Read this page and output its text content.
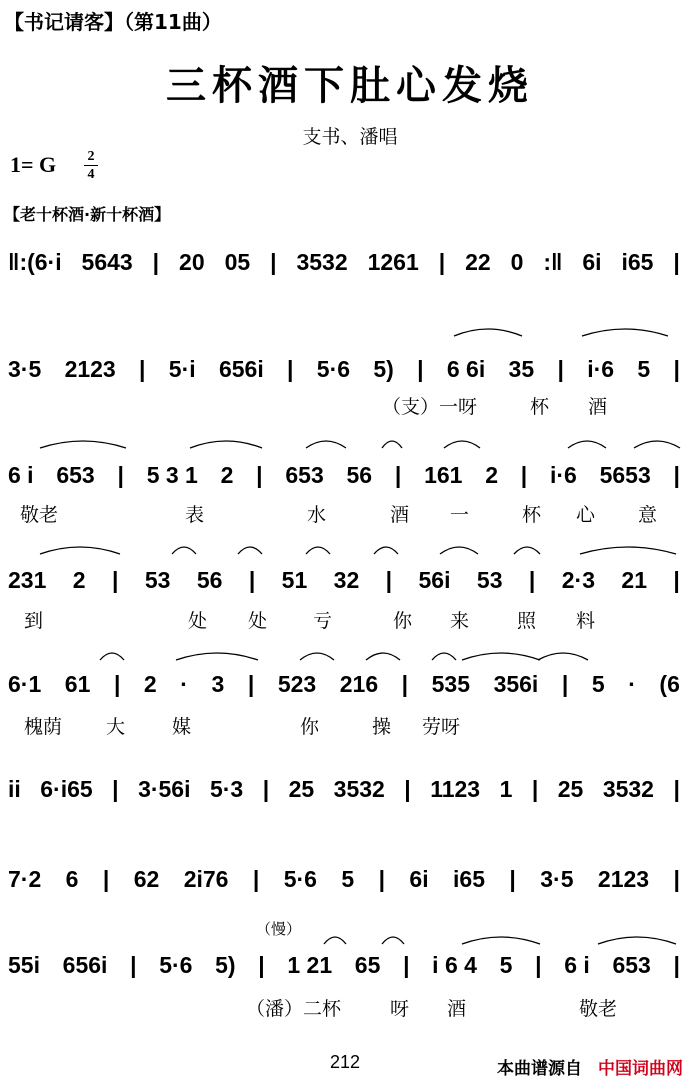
【书记请客】（第11曲）
三杯酒下肚心发烧
支书、潘唱
1= G 2
4
【老十杯酒·新十杯酒】
‖:(6·i 5643 | 20 05 | 3532 1261 | 22 0 :‖ 6i i65 |
3·5 2123 | 5·i 656i | 5·6 5) | 6 6i 35 | i·6 5 |
（支）一呀	杯 酒
6 i 653 | 5 3 1 2 | 653 56 | 161 2 | i·6 5653 |
敬老	表	水	酒 一	杯 心 意
231 2 | 53 56 | 51 32 | 56i 53 | 2·3 21 |
到	处 处 亏	你 来	照 料
6·1 61 | 2 · 3 | 523 216 | 535 356i | 5 · (6
槐荫 大 媒	你	操 劳呀
ii 6·i65 | 3·56i 5·3 | 25 3532 | 1123 1 | 25 3532 |
7·2 6 | 62 2i76 | 5·6 5 | 6i i65 | 3·5 2123 |
55i 656i | 5·6 5) | 1 21 65 | i 6 4 5 | 6 i 653 |
（慢）
（潘）二杯	呀 酒	敬老
212	本曲谱源自 中国词曲网
